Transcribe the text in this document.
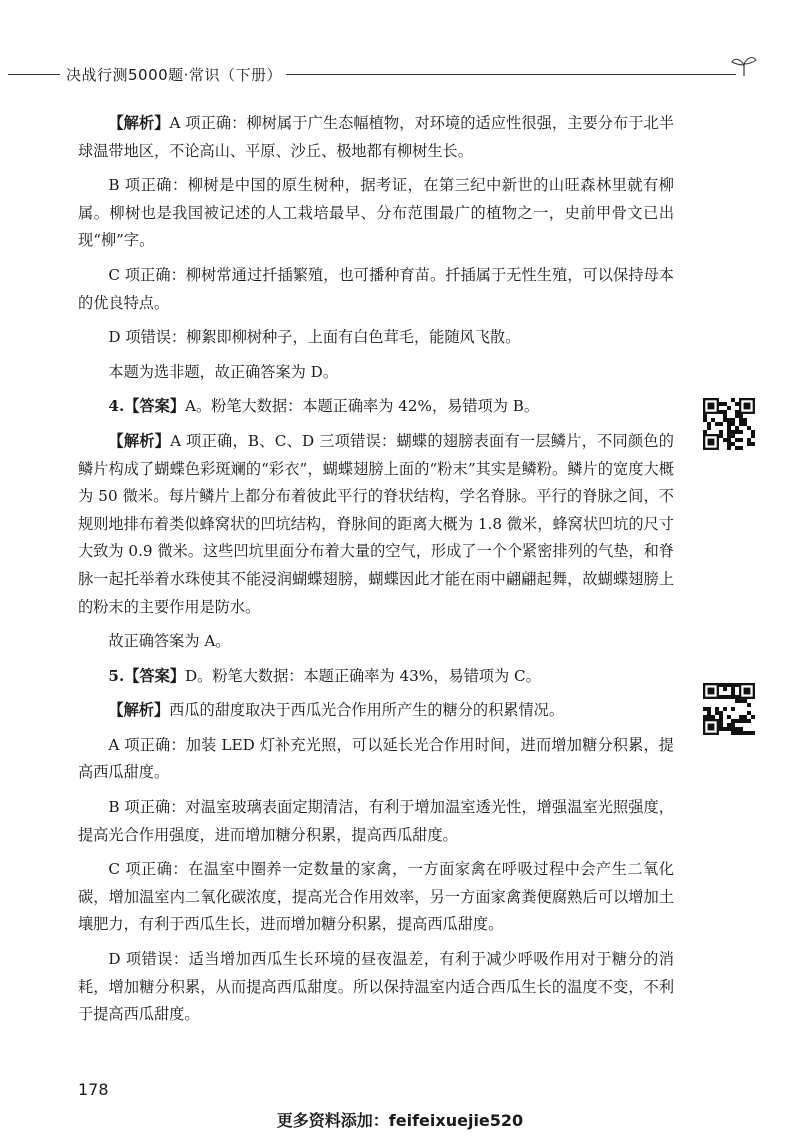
决战行测5000题·常识（下册）

【解析】A 项正确：柳树属于广生态幅植物，对环境的适应性很强，主要分布于北半球温带地区，不论高山、平原、沙丘、极地都有柳树生长。

B 项正确：柳树是中国的原生树种，据考证，在第三纪中新世的山旺森林里就有柳属。柳树也是我国被记述的人工栽培最早、分布范围最广的植物之一，史前甲骨文已出现“柳”字。

C 项正确：柳树常通过扦插繁殖，也可播种育苗。扦插属于无性生殖，可以保持母本的优良特点。

D 项错误：柳絮即柳树种子，上面有白色茸毛，能随风飞散。

本题为选非题，故正确答案为 D。

4.【答案】A。粉笔大数据：本题正确率为 42%，易错项为 B。

【解析】A 项正确，B、C、D 三项错误：蝴蝶的翅膀表面有一层鳞片，不同颜色的鳞片构成了蝴蝶色彩斑斓的“彩衣”，蝴蝶翅膀上面的“粉末”其实是鳞粉。鳞片的宽度大概为 50 微米。每片鳞片上都分布着彼此平行的脊状结构，学名脊脉。平行的脊脉之间，不规则地排布着类似蜂窝状的凹坑结构，脊脉间的距离大概为 1.8 微米，蜂窝状凹坑的尺寸大致为 0.9 微米。这些凹坑里面分布着大量的空气，形成了一个个紧密排列的气垫，和脊脉一起托举着水珠使其不能浸润蝴蝶翅膀，蝴蝶因此才能在雨中翩翩起舞，故蝴蝶翅膀上的粉末的主要作用是防水。

故正确答案为 A。

5.【答案】D。粉笔大数据：本题正确率为 43%，易错项为 C。

【解析】西瓜的甜度取决于西瓜光合作用所产生的糖分的积累情况。

A 项正确：加装 LED 灯补充光照，可以延长光合作用时间，进而增加糖分积累，提高西瓜甜度。

B 项正确：对温室玻璃表面定期清洁，有利于增加温室透光性，增强温室光照强度，提高光合作用强度，进而增加糖分积累，提高西瓜甜度。

C 项正确：在温室中圈养一定数量的家禽，一方面家禽在呼吸过程中会产生二氧化碳，增加温室内二氧化碳浓度，提高光合作用效率，另一方面家禽粪便腐熟后可以增加土壤肥力，有利于西瓜生长，进而增加糖分积累，提高西瓜甜度。

D 项错误：适当增加西瓜生长环境的昼夜温差，有利于减少呼吸作用对于糖分的消耗，增加糖分积累，从而提高西瓜甜度。所以保持温室内适合西瓜生长的温度不变，不利于提高西瓜甜度。

178
更多资料添加：feifeixuejie520
